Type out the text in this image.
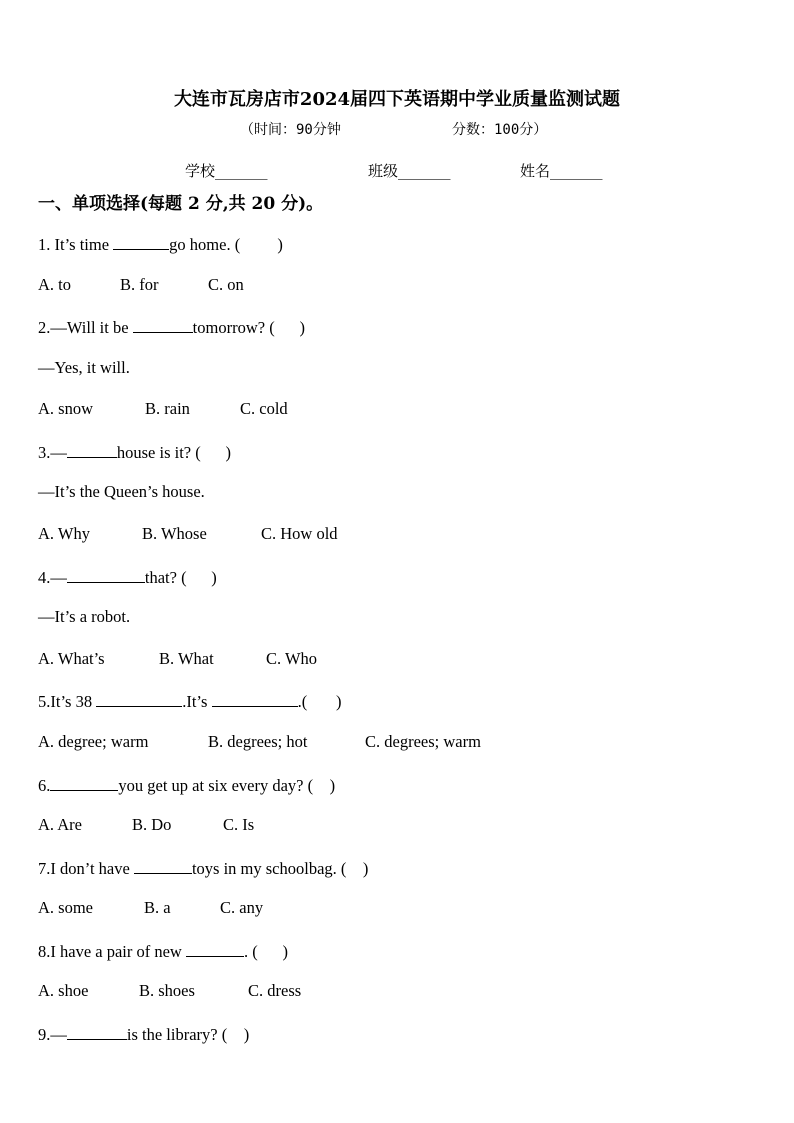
大连市瓦房店市2024届四下英语期中学业质量监测试题
（时间：90分钟	分数：100分）
学校_______	班级_______	姓名_______
一、单项选择(每题 2 分,共 20 分)。
1. It’s time	go home. (         )
A. to	B. for	C. on
2.—Will it be	tomorrow? (      )
—Yes, it will.
A. snow	B. rain	C. cold
3.—	house is it? (      )
—It’s the Queen’s house.
A. Why	B. Whose	C. How old
4.—	that? (      )
—It’s a robot.
A. What’s	B. What	C. Who
5.It’s 38	.It’s	.(       )
A. degree; warm	B. degrees; hot	C. degrees; warm
6.	you get up at six every day? (    )
A. Are	B. Do	C. Is
7.I don’t have	toys in my schoolbag. (    )
A. some	B. a	C. any
8.I have a pair of new	. (      )
A. shoe	B. shoes	C. dress
9.—	is the library? (    )
